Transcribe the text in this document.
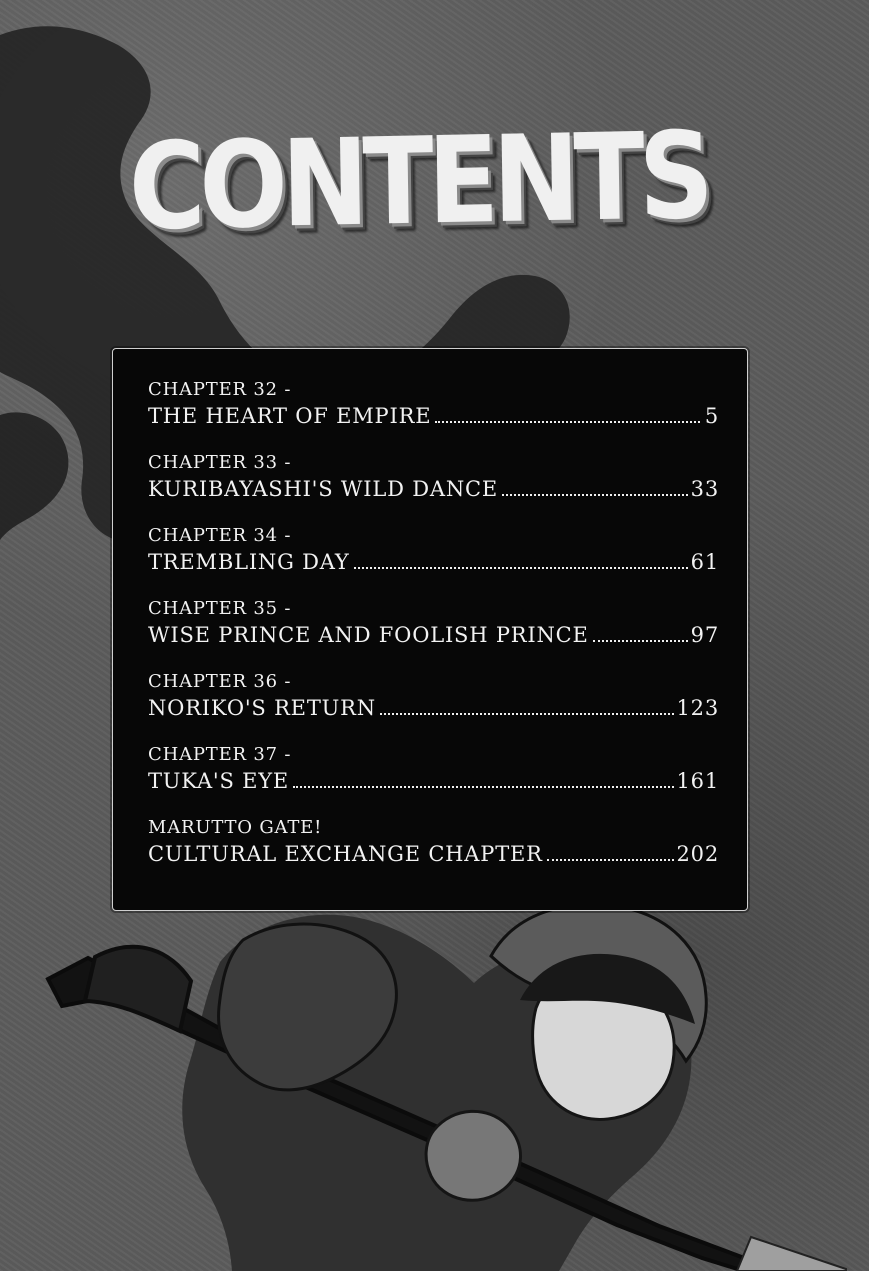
CONTENTS
CHAPTER 32 -
THE HEART OF EMPIRE	5
CHAPTER 33 -
KURIBAYASHI'S WILD DANCE	33
CHAPTER 34 -
TREMBLING DAY	61
CHAPTER 35 -
WISE PRINCE AND FOOLISH PRINCE	97
CHAPTER 36 -
NORIKO'S RETURN	123
CHAPTER 37 -
TUKA'S EYE	161
MARUTTO GATE!
CULTURAL EXCHANGE CHAPTER	202
